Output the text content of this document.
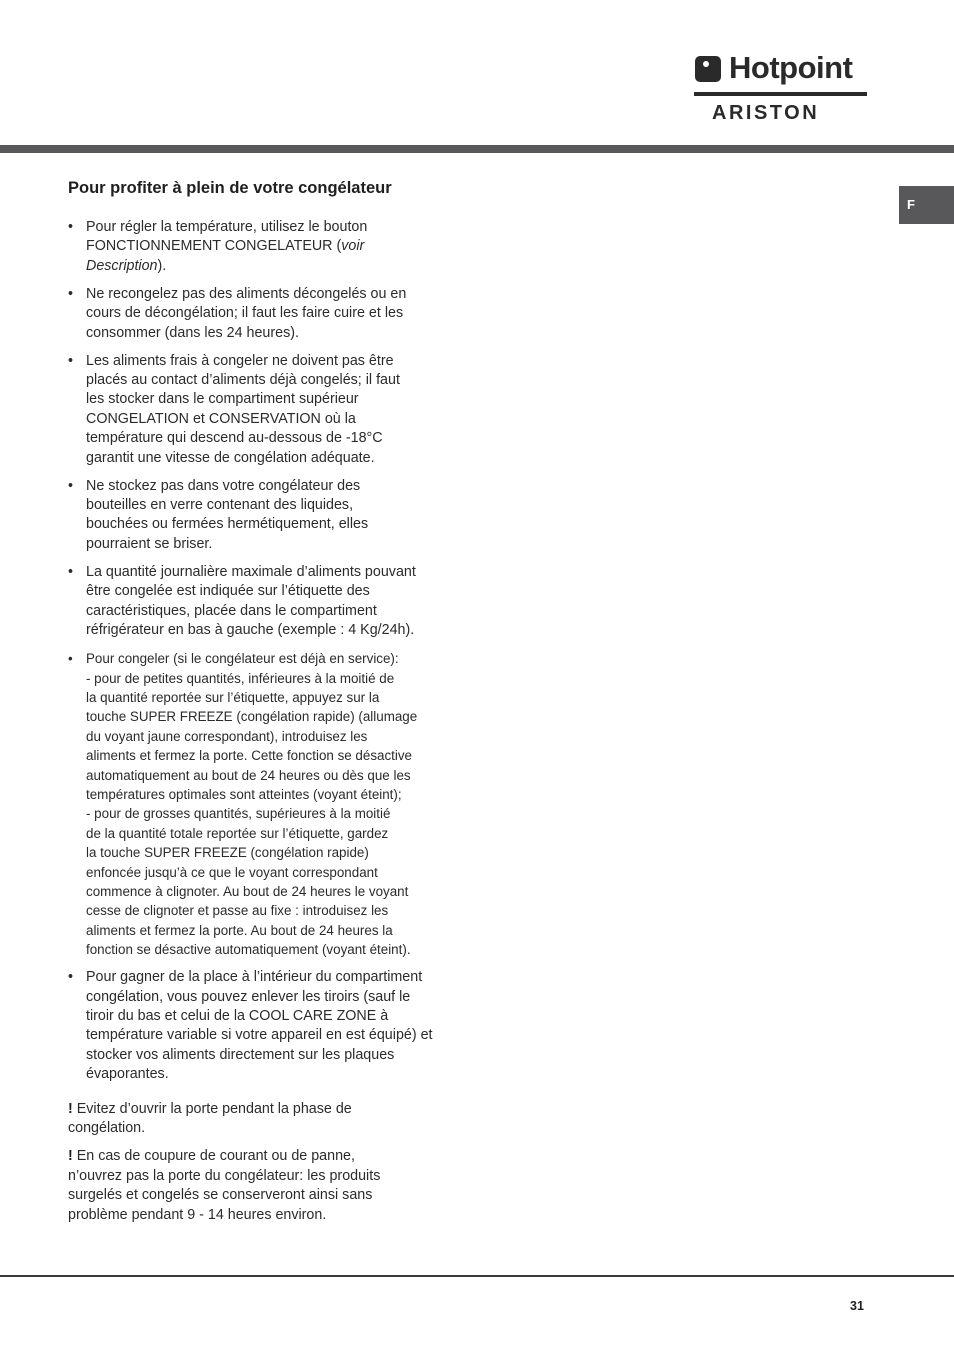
Hotpoint
ARISTON
F
Pour profiter à plein de votre congélateur
• Pour régler la température, utilisez le bouton
FONCTIONNEMENT CONGELATEUR (voir
Description).
• Ne recongelez pas des aliments décongelés ou en
cours de décongélation; il faut les faire cuire et les
consommer (dans les 24 heures).
• Les aliments frais à congeler ne doivent pas être
placés au contact d’aliments déjà congelés; il faut
les stocker dans le compartiment supérieur
CONGELATION et CONSERVATION où la
température qui descend au-dessous de -18°C
garantit une vitesse de congélation adéquate.
• Ne stockez pas dans votre congélateur des
bouteilles en verre contenant des liquides,
bouchées ou fermées hermétiquement, elles
pourraient se briser.
• La quantité journalière maximale d’aliments pouvant
être congelée est indiquée sur l’étiquette des
caractéristiques, placée dans le compartiment
réfrigérateur en bas à gauche (exemple : 4 Kg/24h).
• Pour congeler (si le congélateur est déjà en service):
- pour de petites quantités, inférieures à la moitié de
la quantité reportée sur l’étiquette, appuyez sur la
touche SUPER FREEZE (congélation rapide) (allumage
du voyant jaune correspondant), introduisez les
aliments et fermez la porte. Cette fonction se désactive
automatiquement au bout de 24 heures ou dès que les
températures optimales sont atteintes (voyant éteint);
- pour de grosses quantités, supérieures à la moitié
de la quantité totale reportée sur l’étiquette, gardez
la touche SUPER FREEZE (congélation rapide)
enfoncée jusqu’à ce que le voyant correspondant
commence à clignoter. Au bout de 24 heures le voyant
cesse de clignoter et passe au fixe : introduisez les
aliments et fermez la porte. Au bout de 24 heures la
fonction se désactive automatiquement (voyant éteint).
• Pour gagner de la place à l’intérieur du compartiment
congélation, vous pouvez enlever les tiroirs (sauf le
tiroir du bas et celui de la COOL CARE ZONE à
température variable si votre appareil en est équipé) et
stocker vos aliments directement sur les plaques
évaporantes.

! Evitez d’ouvrir la porte pendant la phase de
congélation.

! En cas de coupure de courant ou de panne,
n’ouvrez pas la porte du congélateur: les produits
surgelés et congelés se conserveront ainsi sans
problème pendant 9 - 14 heures environ.

31
